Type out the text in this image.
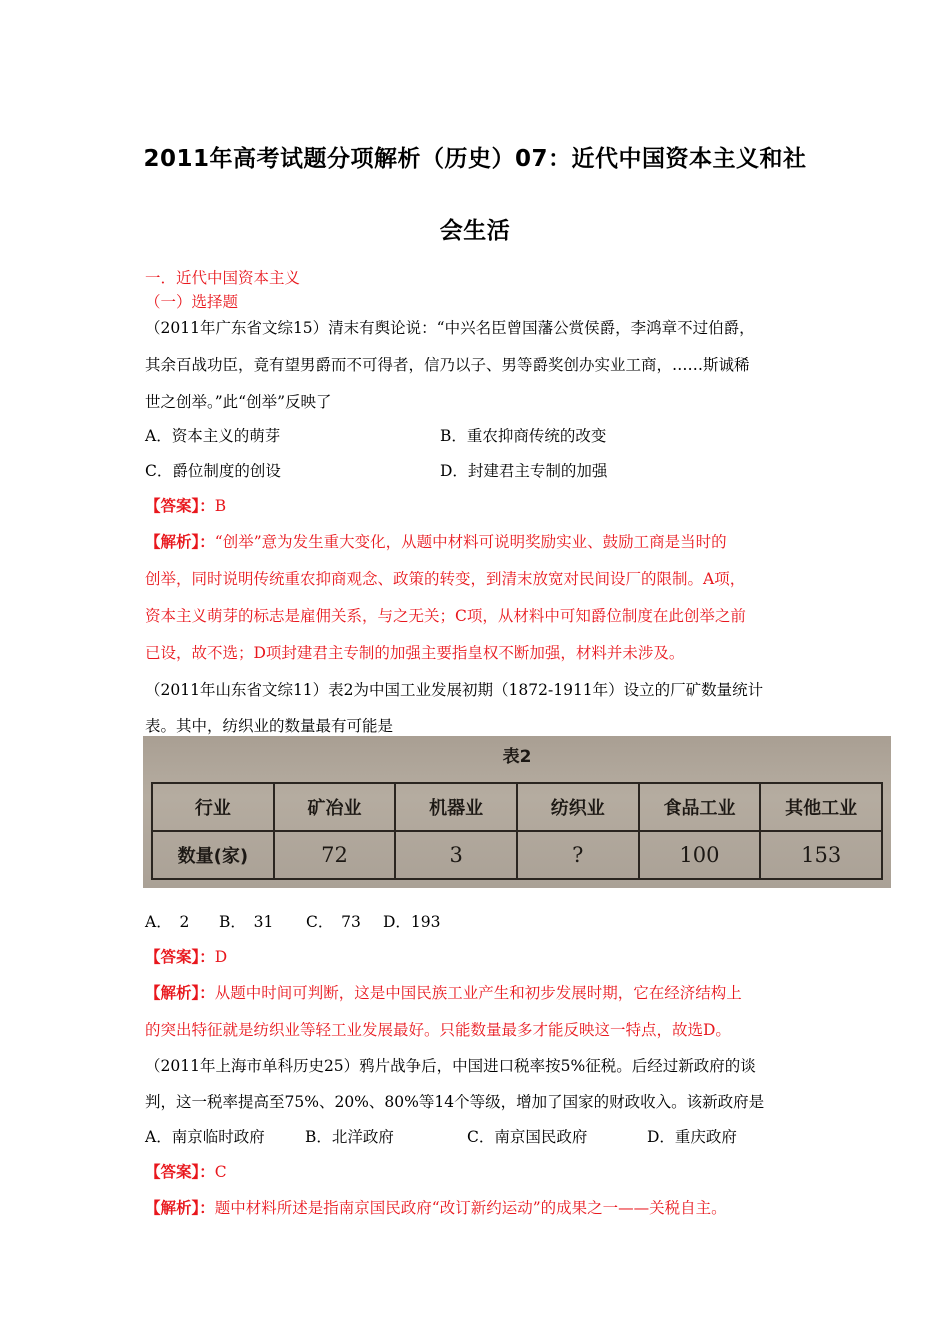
2011年高考试题分项解析（历史）07：近代中国资本主义和社
会生活
一．近代中国资本主义
（一）选择题
（2011年广东省文综15）清末有舆论说：“中兴名臣曾国藩公赏侯爵，李鸿章不过伯爵，
其余百战功臣，竟有望男爵而不可得者，信乃以子、男等爵奖创办实业工商，……斯诚稀
世之创举。”此“创举”反映了
A．资本主义的萌芽	B．重农抑商传统的改变
C．爵位制度的创设	D．封建君主专制的加强
【答案】：B
【解析】：“创举”意为发生重大变化，从题中材料可说明奖励实业、鼓励工商是当时的
创举，同时说明传统重农抑商观念、政策的转变，到清末放宽对民间设厂的限制。A项，
资本主义萌芽的标志是雇佣关系，与之无关；C项，从材料中可知爵位制度在此创举之前
已设，故不选；D项封建君主专制的加强主要指皇权不断加强，材料并未涉及。
（2011年山东省文综11）表2为中国工业发展初期（1872-1911年）设立的厂矿数量统计
表。其中，纺织业的数量最有可能是
表2
行业	矿冶业	机器业	纺织业	食品工业	其他工业
数量(家)	72	3	?	100	153
A．　2 B．　31 C．　73 D．193
【答案】：D
【解析】：从题中时间可判断，这是中国民族工业产生和初步发展时期，它在经济结构上
的突出特征就是纺织业等轻工业发展最好。只能数量最多才能反映这一特点，故选D。
（2011年上海市单科历史25）鸦片战争后，中国进口税率按5%征税。后经过新政府的谈
判，这一税率提高至75%、20%、80%等14个等级，增加了国家的财政收入。该新政府是
A．南京临时政府	B．北洋政府	C．南京国民政府	D．重庆政府
【答案】：C
【解析】：题中材料所述是指南京国民政府“改订新约运动”的成果之一——关税自主。
